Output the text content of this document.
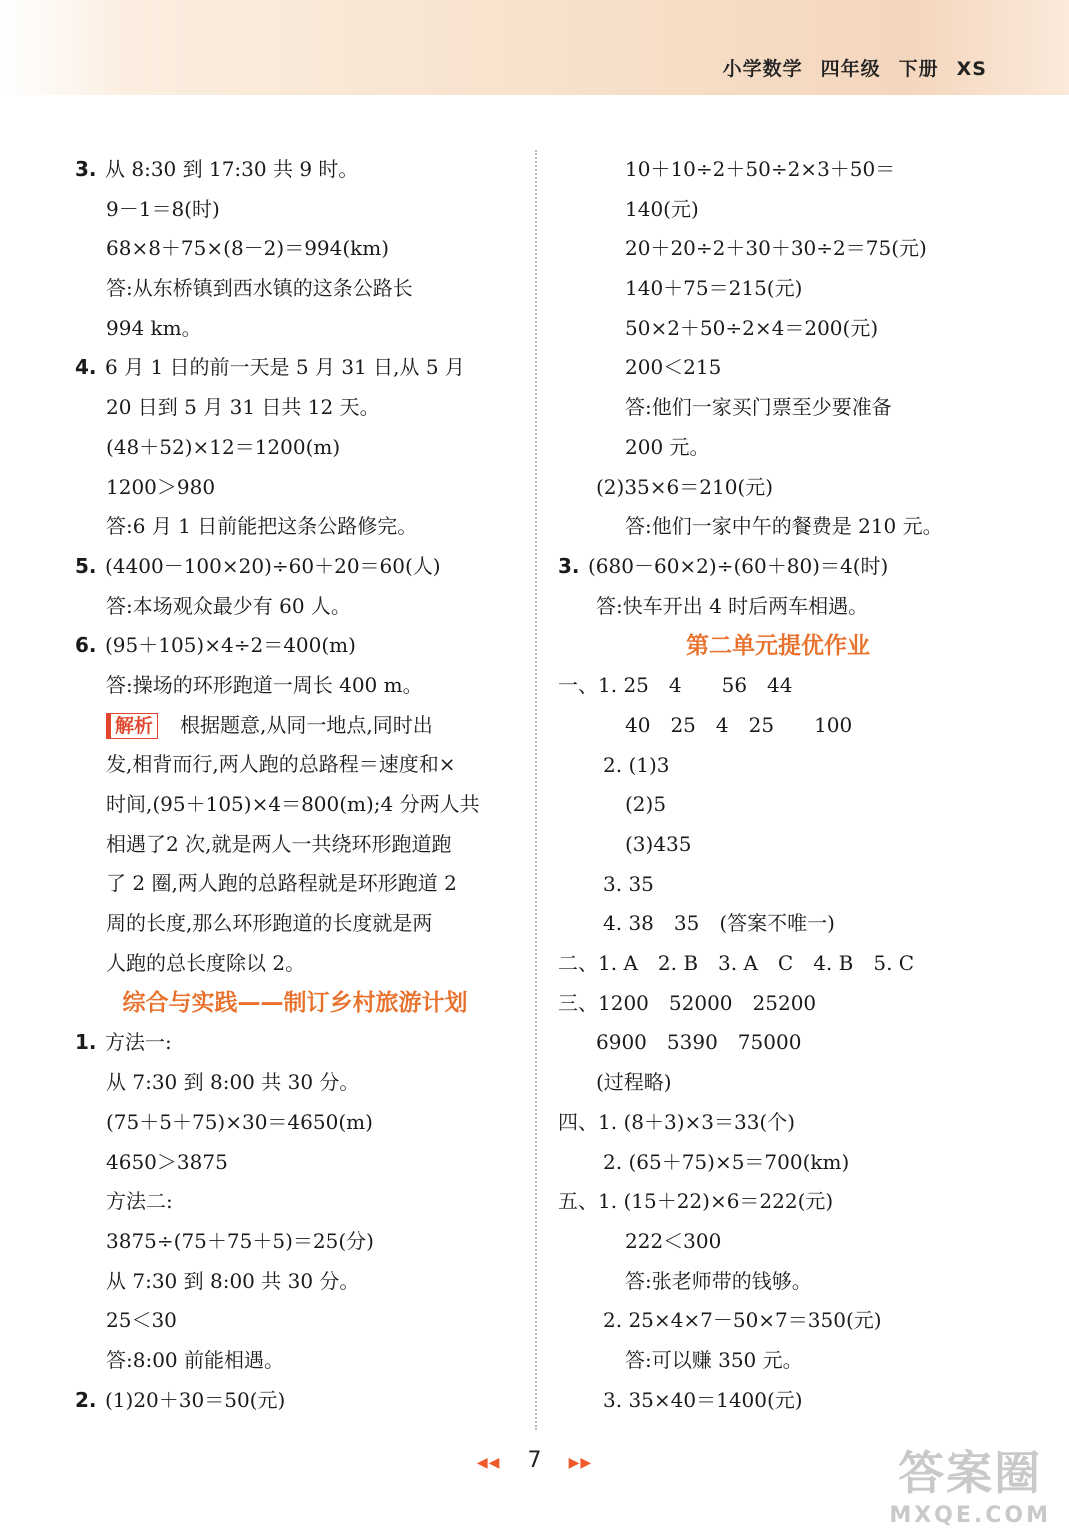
小学数学 四年级 下册 XS
3. 从 8:30 到 17:30 共 9 时。
9－1＝8(时)
68×8＋75×(8－2)＝994(km)
答:从东桥镇到西水镇的这条公路长
994 km。
4. 6 月 1 日的前一天是 5 月 31 日,从 5 月
20 日到 5 月 31 日共 12 天。
(48＋52)×12＝1200(m)
1200＞980
答:6 月 1 日前能把这条公路修完。
5. (4400－100×20)÷60＋20＝60(人)
答:本场观众最少有 60 人。
6. (95＋105)×4÷2＝400(m)
答:操场的环形跑道一周长 400 m。
解析 根据题意,从同一地点,同时出
发,相背而行,两人跑的总路程＝速度和×
时间,(95＋105)×4＝800(m);4 分两人共
相遇了2 次,就是两人一共绕环形跑道跑
了 2 圈,两人跑的总路程就是环形跑道 2
周的长度,那么环形跑道的长度就是两
人跑的总长度除以 2。
综合与实践——制订乡村旅游计划
1. 方法一:
从 7:30 到 8:00 共 30 分。
(75＋5＋75)×30＝4650(m)
4650＞3875
方法二:
3875÷(75＋75＋5)＝25(分)
从 7:30 到 8:00 共 30 分。
25＜30
答:8:00 前能相遇。
2. (1)20＋30＝50(元)
10＋10÷2＋50÷2×3＋50＝
140(元)
20＋20÷2＋30＋30÷2＝75(元)
140＋75＝215(元)
50×2＋50÷2×4＝200(元)
200＜215
答:他们一家买门票至少要准备
200 元。
(2)35×6＝210(元)
答:他们一家中午的餐费是 210 元。
3. (680－60×2)÷(60＋80)＝4(时)
答:快车开出 4 时后两车相遇。
第二单元提优作业
一、1. 25　4　　56　44
40　25　4　25　　100
2. (1)3
(2)5
(3)435
3. 35
4. 38　35　(答案不唯一)
二、1. A　2. B　3. A　C　4. B　5. C
三、1200　52000　25200
6900　5390　75000
(过程略)
四、1. (8＋3)×3＝33(个)
2. (65＋75)×5＝700(km)
五、1. (15＋22)×6＝222(元)
222＜300
答:张老师带的钱够。
2. 25×4×7－50×7＝350(元)
答:可以赚 350 元。
3. 35×40＝1400(元)
◀◀ 7 ▶▶	答案圈
MXQE.COM
